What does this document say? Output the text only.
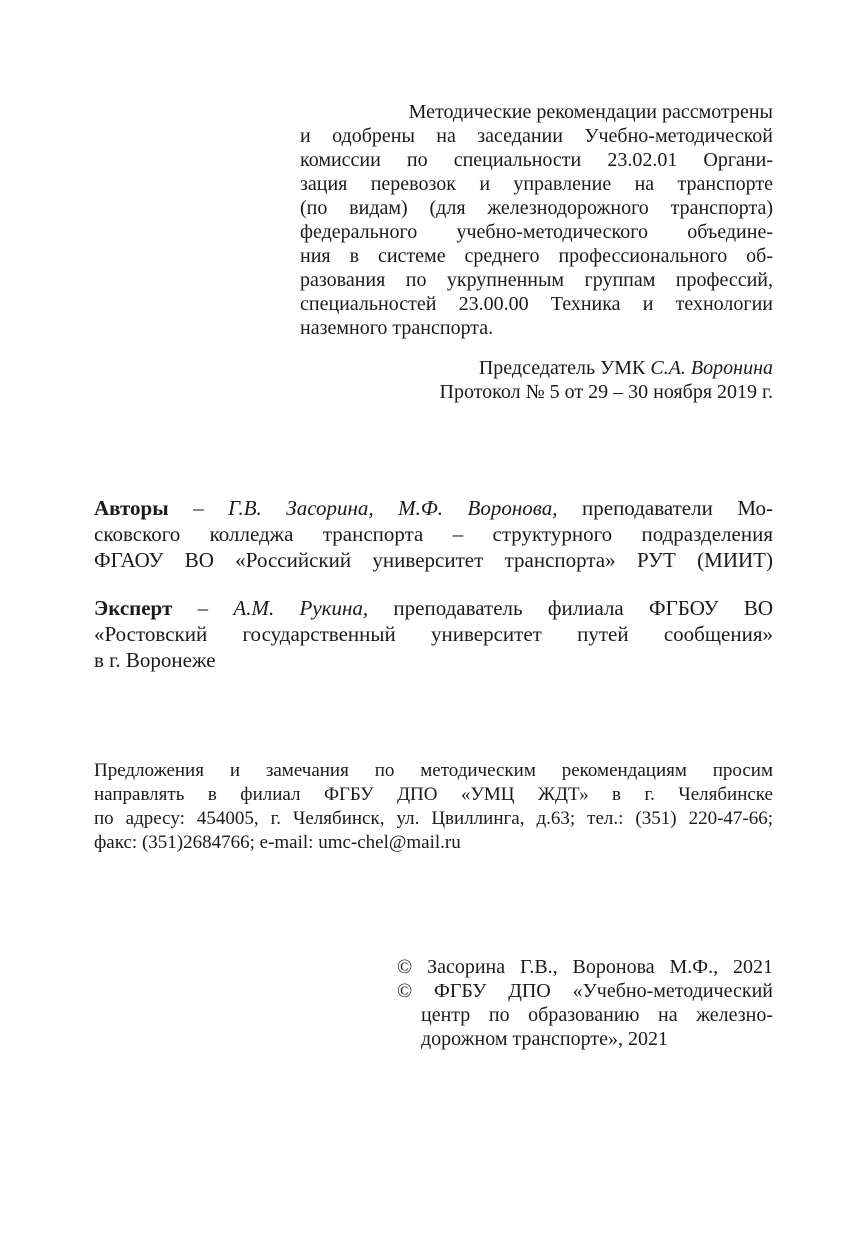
Методические рекомендации рассмотрены
и одобрены на заседании Учебно-методической
комиссии по специальности 23.02.01 Органи-
зация перевозок и управление на транспорте
(по видам) (для железнодорожного транспорта)
федерального учебно-методического объедине-
ния в системе среднего профессионального об-
разования по укрупненным группам профессий,
специальностей 23.00.00 Техника и технологии
наземного транспорта.
Председатель УМК С.А. Воронина
Протокол № 5 от 29 – 30 ноября 2019 г.
Авторы – Г.В. Засорина, М.Ф. Воронова, преподаватели Мо-
сковского колледжа транспорта – структурного подразделения
ФГАОУ ВО «Российский университет транспорта» РУТ (МИИТ)
Эксперт – А.М. Рукина, преподаватель филиала ФГБОУ ВО
«Ростовский государственный университет путей сообщения»
в г. Воронеже
Предложения и замечания по методическим рекомендациям просим
направлять в филиал ФГБУ ДПО «УМЦ ЖДТ» в г. Челябинске
по адресу: 454005, г. Челябинск, ул. Цвиллинга, д.63; тел.: (351) 220-47-66;
факс: (351)2684766; e-mail: umc-chel@mail.ru
© Засорина Г.В., Воронова М.Ф., 2021
© ФГБУ ДПО «Учебно-методический
центр по образованию на железно-
дорожном транспорте», 2021
